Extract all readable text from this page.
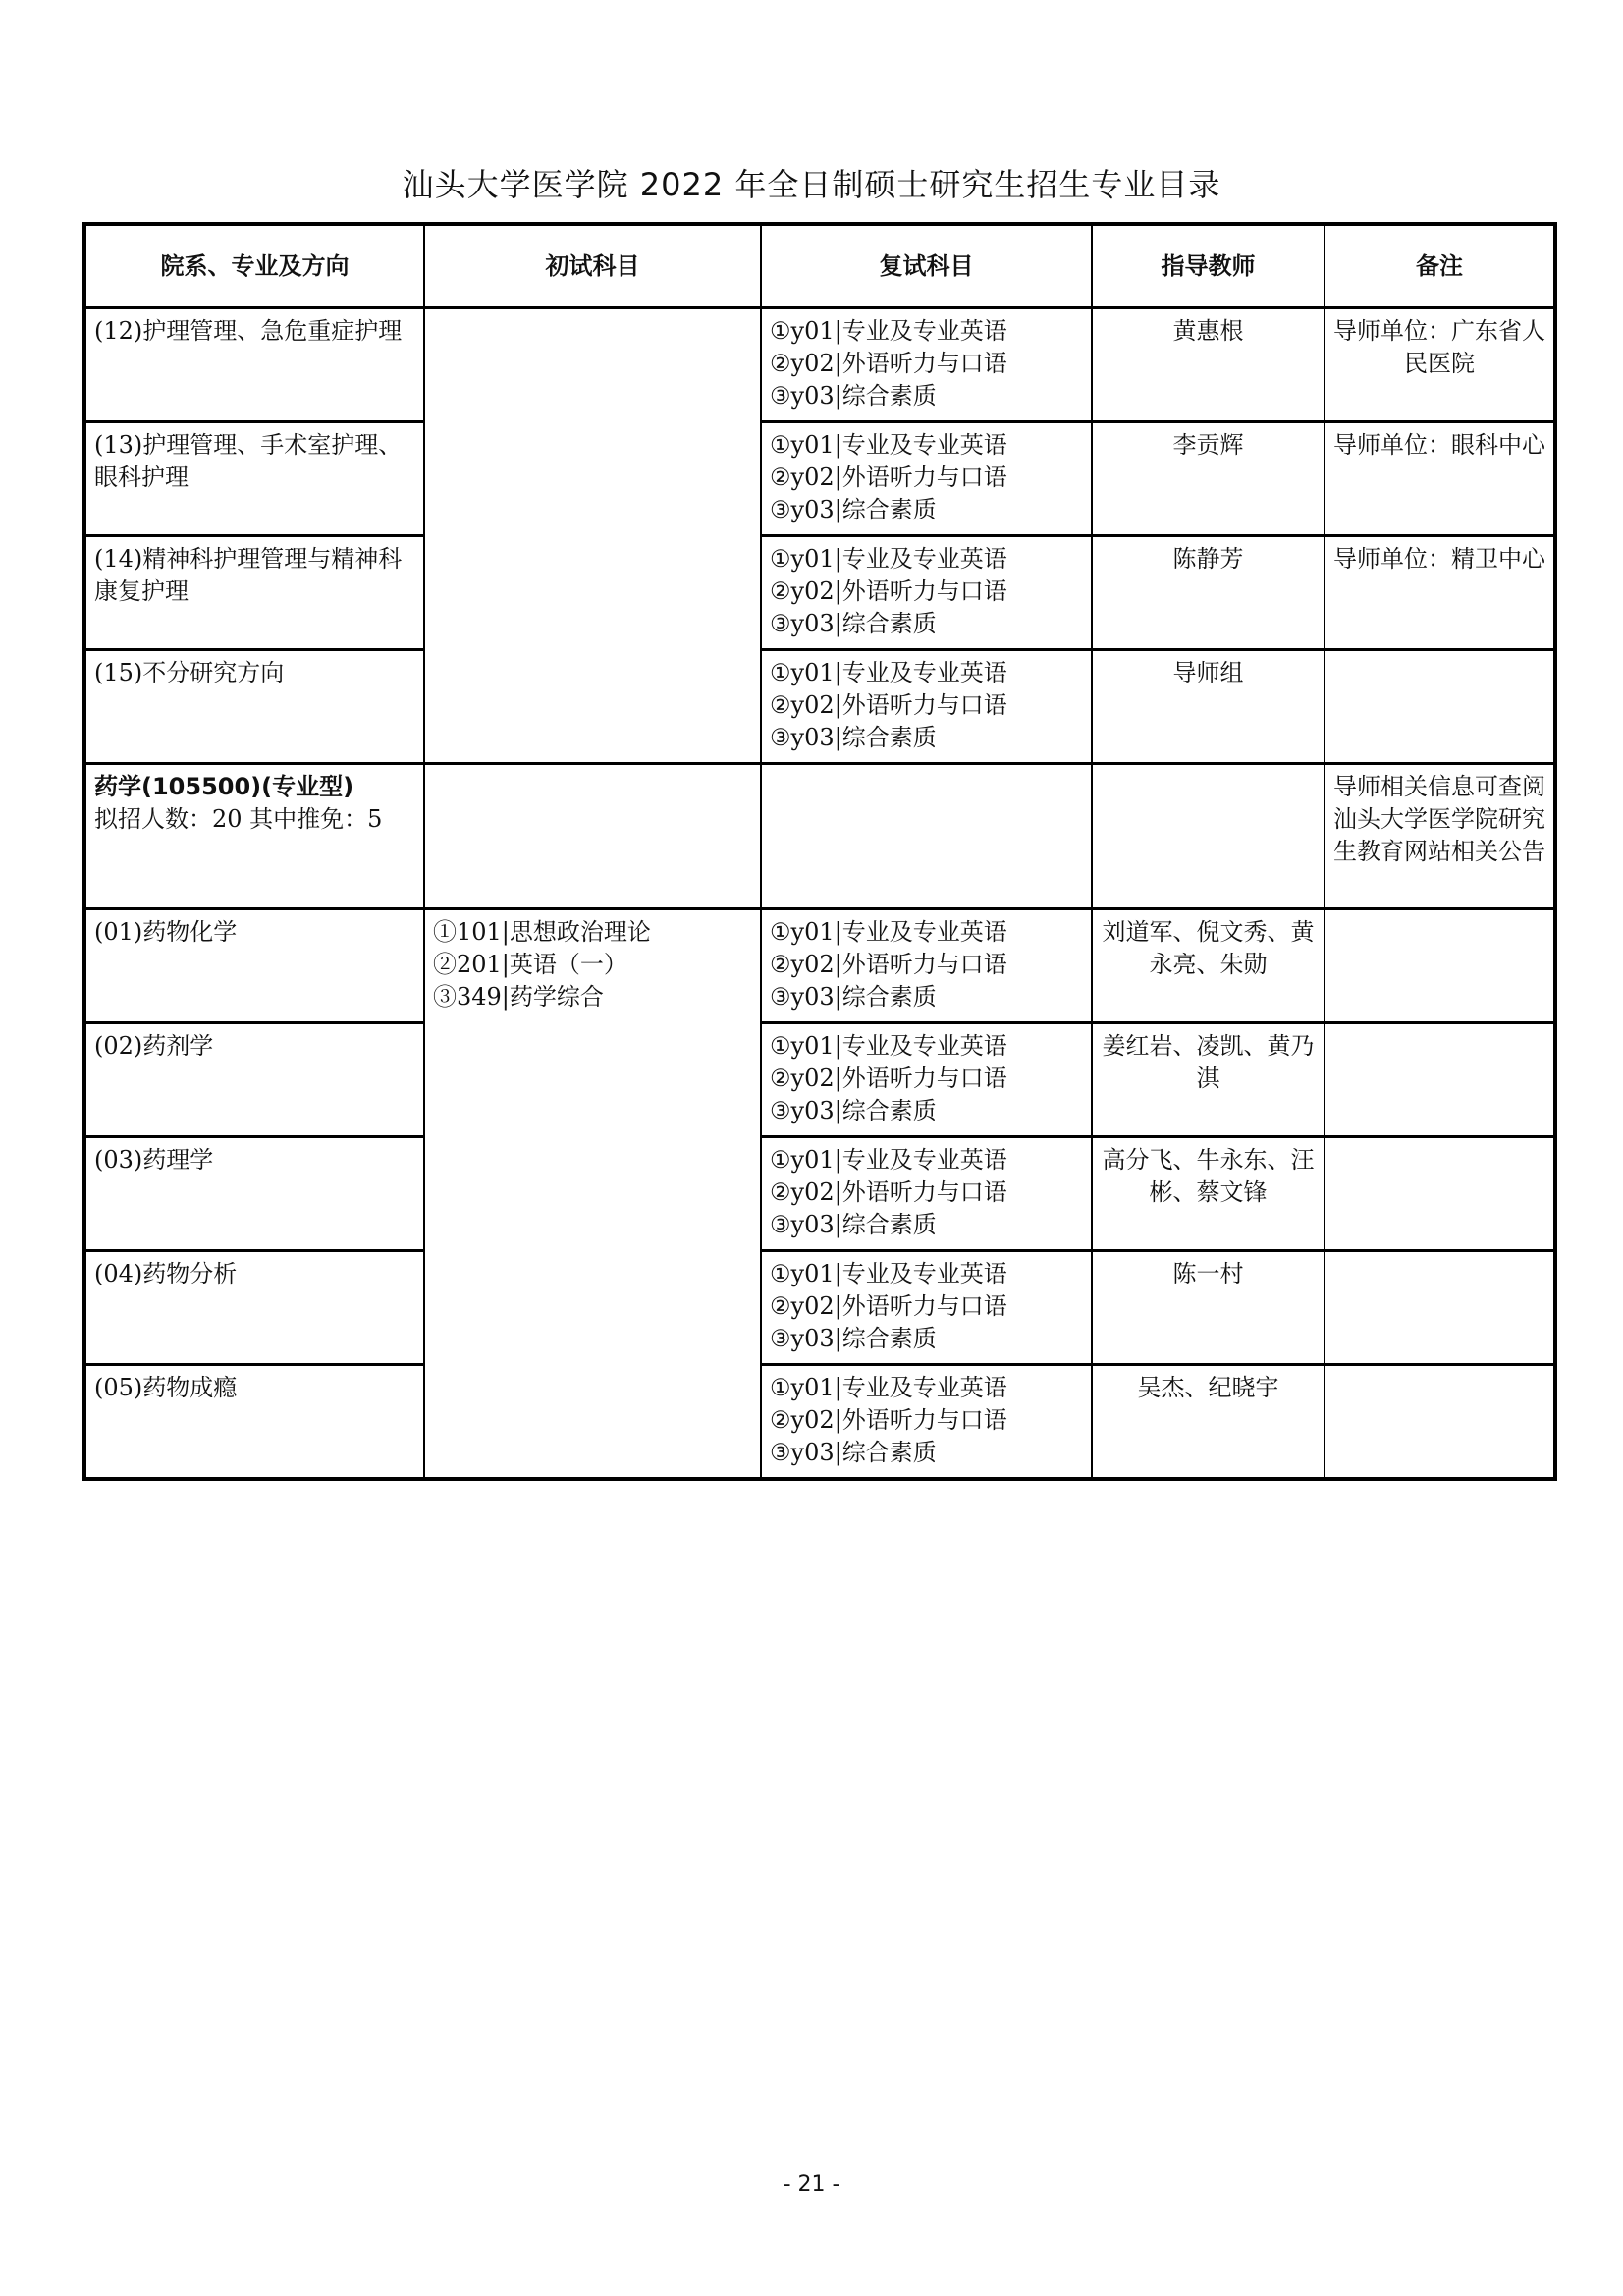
汕头大学医学院 2022 年全日制硕士研究生招生专业目录
院系、专业及方向	初试科目	复试科目	指导教师	备注

(12)护理管理、急危重症护理		①y01|专业及专业英语
②y02|外语听力与口语
③y03|综合素质	黄惠根	导师单位：广东省人民医院

(13)护理管理、手术室护理、
眼科护理		①y01|专业及专业英语
②y02|外语听力与口语
③y03|综合素质	李贡辉	导师单位：眼科中心

(14)精神科护理管理与精神科
康复护理		①y01|专业及专业英语
②y02|外语听力与口语
③y03|综合素质	陈静芳	导师单位：精卫中心

(15)不分研究方向		①y01|专业及专业英语
②y02|外语听力与口语
③y03|综合素质	导师组	

药学(105500)(专业型)
拟招人数：20 其中推免：5				导师相关信息可查阅汕头大学医学院研究生教育网站相关公告
(01)药物化学	①101|思想政治理论
②201|英语（一）
③349|药学综合	①y01|专业及专业英语
②y02|外语听力与口语
③y03|综合素质	刘道军、倪文秀、黄永亮、朱勋	
(02)药剂学		①y01|专业及专业英语
②y02|外语听力与口语
③y03|综合素质	姜红岩、凌凯、黄乃淇	
(03)药理学		①y01|专业及专业英语
②y02|外语听力与口语
③y03|综合素质	高分飞、牛永东、汪彬、蔡文锋	
(04)药物分析		①y01|专业及专业英语
②y02|外语听力与口语
③y03|综合素质	陈一村	
(05)药物成瘾		①y01|专业及专业英语
②y02|外语听力与口语
③y03|综合素质	吴杰、纪晓宇	
- 21 -
